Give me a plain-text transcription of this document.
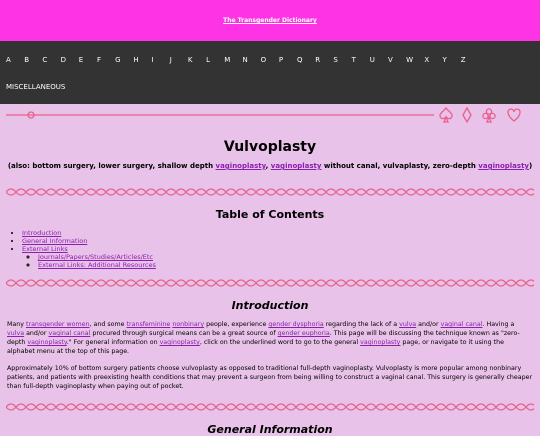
The Transgender Dictionary
A	B	C	D	E	F	G	H	I	J	K	L	M	N	O	P	Q	R	S	T	U	V	W	X	Y	Z
MISCELLANEOUS
Vulvoplasty
(also: bottom surgery, lower surgery, shallow depth vaginoplasty, vaginoplasty without canal, vulvaplasty, zero-depth vaginoplasty)
Table of Contents
• Introduction
• General Information
• External Links
◦ Journals/Papers/Studies/Articles/Etc
◦ External Links: Additional Resources
Introduction

Many transgender women, and some transfeminine nonbinary people, experience gender dysphoria regarding the lack of a vulva and/or vaginal canal. Having a vulva and/or vaginal canal procured through surgical means can be a great source of gender euphoria. This page will be discussing the technique known as "zero-depth vaginoplasty." For general information on vaginoplasty, click on the underlined word to go to the general vaginoplasty page, or navigate to it using the alphabet menu at the top of this page.

Approximately 10% of bottom surgery patients choose vulvoplasty as opposed to traditional full-depth vaginoplasty. Vulvoplasty is more popular among nonbinary patients, and patients with preexisting health conditions that may prevent a surgeon from being willing to construct a vaginal canal. This surgery is generally cheaper than full-depth vaginoplasty when paying out of pocket.

General Information
